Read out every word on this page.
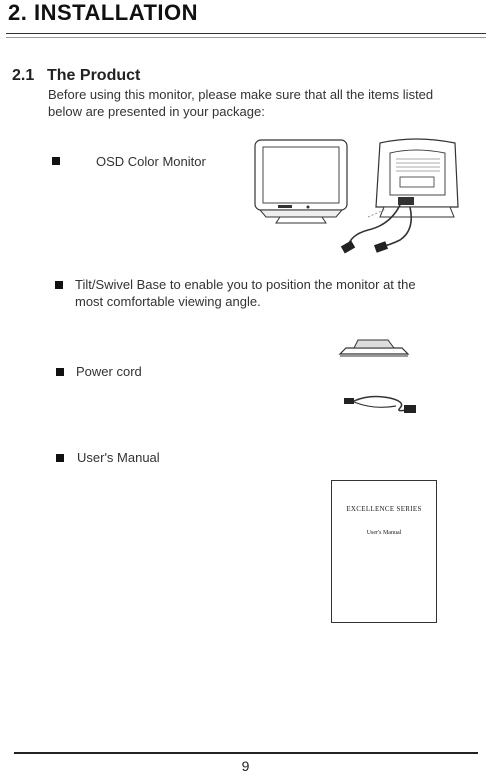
2. INSTALLATION
2.1 The Product
Before using this monitor, please make sure that all the items listed below are presented in your package:
OSD Color Monitor
Tilt/Swivel Base to enable you to position the monitor at the most comfortable viewing angle.
Power cord
User's Manual
EXCELLENCE SERIES
User's Manual
9
